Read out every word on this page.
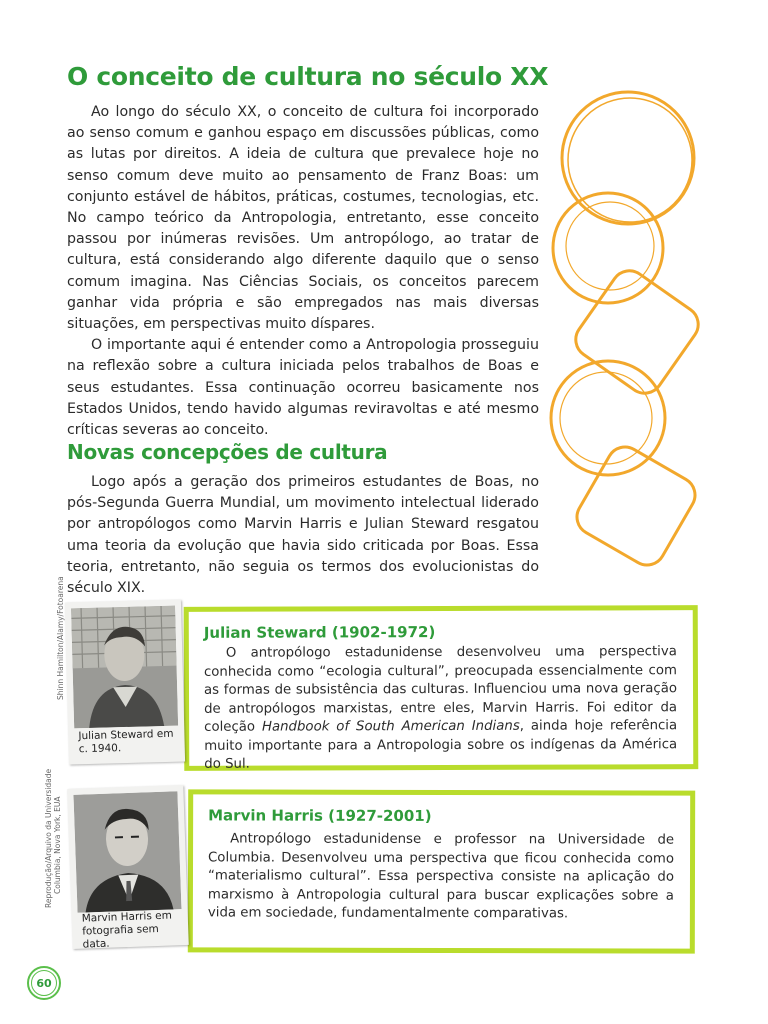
O conceito de cultura no século XX

Ao longo do século XX, o conceito de cultura foi incorporado ao senso comum e ganhou espaço em discussões públicas, como as lutas por direitos. A ideia de cultura que prevalece hoje no senso comum deve muito ao pensamento de Franz Boas: um conjunto estável de hábitos, práticas, costumes, tecnologias, etc. No campo teórico da Antropologia, entretanto, esse conceito passou por inúmeras revisões. Um antropólogo, ao tratar de cultura, está considerando algo diferente daquilo que o senso comum imagina. Nas Ciências Sociais, os conceitos parecem ganhar vida própria e são empregados nas mais diversas situações, em perspectivas muito díspares.

O importante aqui é entender como a Antropologia prosseguiu na reflexão sobre a cultura iniciada pelos trabalhos de Boas e seus estudantes. Essa continuação ocorreu basicamente nos Estados Unidos, tendo havido algumas reviravoltas e até mesmo críticas severas ao conceito.

Novas concepções de cultura

Logo após a geração dos primeiros estudantes de Boas, no pós-Segunda Guerra Mundial, um movimento intelectual liderado por antropólogos como Marvin Harris e Julian Steward resgatou uma teoria da evolução que havia sido criticada por Boas. Essa teoria, entretanto, não seguia os termos dos evolucionistas do século XIX.

Julian Steward (1902-1972)

O antropólogo estadunidense desenvolveu uma perspectiva conhecida como “ecologia cultural”, preocupada essencialmente com as formas de subsistência das culturas. Influenciou uma nova geração de antropólogos marxistas, entre eles, Marvin Harris. Foi editor da coleção Handbook of South American Indians, ainda hoje referência muito importante para a Antropologia sobre os indígenas da América do Sul.

Julian Steward em c. 1940.
Shinn Hamilton/Alamy/Fotoarena
Marvin Harris (1927-2001)

Antropólogo estadunidense e professor na Universidade de Columbia. Desenvolveu uma perspectiva que ficou conhecida como “materialismo cultural”. Essa perspectiva consiste na aplicação do marxismo à Antropologia cultural para buscar explicações sobre a vida em sociedade, fundamentalmente comparativas.

Marvin Harris em fotografia sem data.
Reprodução/Arquivo da Universidade Columbia, Nova York, EUA
60
